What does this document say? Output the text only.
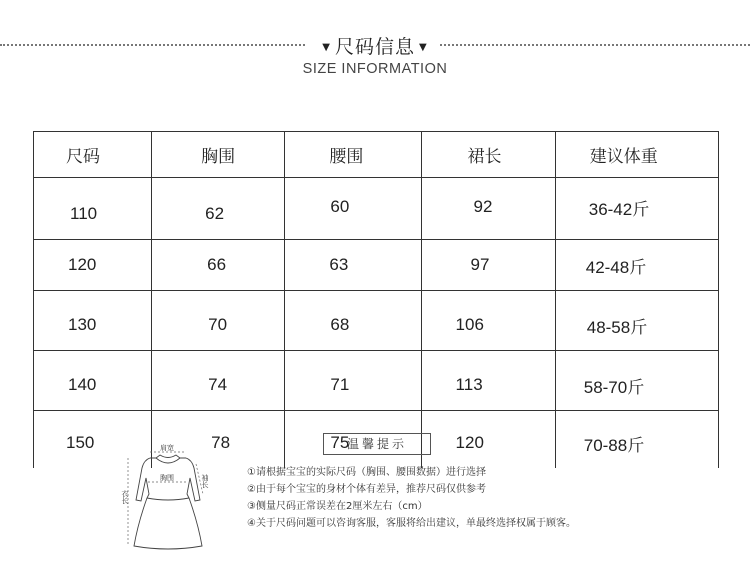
▼ 尺码信息 ▼
SIZE INFORMATION
尺码	胸围	腰围	裙长	建议体重
110	62	60	92	36-42斤
120	66	63	97	42-48斤
130	70	68	106	48-58斤
140	74	71	113	58-70斤
150	78	75	120	70-88斤
肩宽
胸围	袖长
衣长
温馨提示
①请根据宝宝的实际尺码（胸围、腰围数据）进行选择
②由于每个宝宝的身材个体有差异，推荐尺码仅供参考
③侧量尺码正常误差在2厘米左右（cm）
④关于尺码问题可以咨询客服，客服将给出建议，单最终选择权属于顾客。
